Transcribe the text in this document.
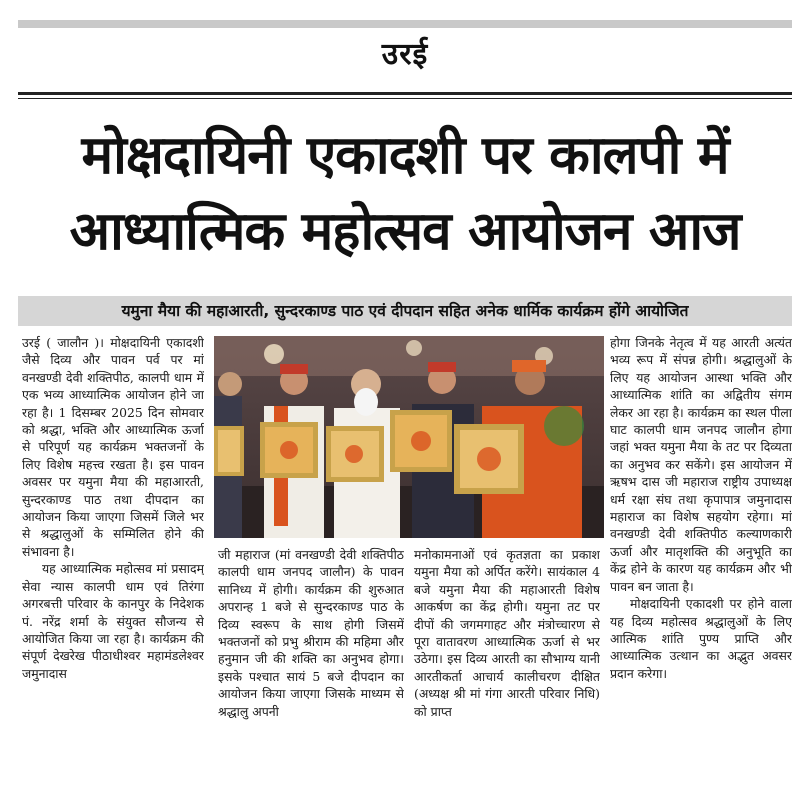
उरई
मोक्षदायिनी एकादशी पर कालपी में
आध्यात्मिक महोत्सव आयोजन आज
यमुना मैया की महाआरती, सुन्दरकाण्ड पाठ एवं दीपदान सहित अनेक धार्मिक कार्यक्रम होंगे आयोजित

उरई ( जालौन )। मोक्षदायिनी एकादशी जैसे दिव्य और पावन पर्व पर मां वनखण्डी देवी शक्तिपीठ, कालपी धाम में एक भव्य आध्यात्मिक आयोजन होने जा रहा है। 1 दिसम्बर 2025 दिन सोमवार को श्रद्धा, भक्ति और आध्यात्मिक ऊर्जा से परिपूर्ण यह कार्यक्रम भक्तजनों के लिए विशेष महत्त्व रखता है। इस पावन अवसर पर यमुना मैया की महाआरती, सुन्दरकाण्ड पाठ तथा दीपदान का आयोजन किया जाएगा जिसमें जिले भर से श्रद्धालुओं के सम्मिलित होने की संभावना है।

यह आध्यात्मिक महोत्सव मां प्रसादम् सेवा न्यास कालपी धाम एवं तिरंगा अगरबत्ती परिवार के कानपुर के निदेशक पं. नरेंद्र शर्मा के संयुक्त सौजन्य से आयोजित किया जा रहा है। कार्यक्रम की संपूर्ण देखरेख पीठाधीश्वर महामंडलेश्वर जमुनादास

जी महाराज (मां वनखण्डी देवी शक्तिपीठ कालपी धाम जनपद जालौन) के पावन सानिध्य में होगी। कार्यक्रम की शुरुआत अपरान्ह 1 बजे से सुन्दरकाण्ड पाठ के दिव्य स्वरूप के साथ होगी जिसमें भक्तजनों को प्रभु श्रीराम की महिमा और हनुमान जी की शक्ति का अनुभव होगा। इसके पश्चात सायं 5 बजे दीपदान का आयोजन किया जाएगा जिसके माध्यम से श्रद्धालु अपनी

मनोकामनाओं एवं कृतज्ञता का प्रकाश यमुना मैया को अर्पित करेंगे। सायंकाल 4 बजे यमुना मैया की महाआरती विशेष आकर्षण का केंद्र होगी। यमुना तट पर दीपों की जगमगाहट और मंत्रोच्चारण से पूरा वातावरण आध्यात्मिक ऊर्जा से भर उठेगा। इस दिव्य आरती का सौभाग्य यानी आरतीकर्ता आचार्य कालीचरण दीक्षित (अध्यक्ष श्री मां गंगा आरती परिवार निधि) को प्राप्त

होगा जिनके नेतृत्व में यह आरती अत्यंत भव्य रूप में संपन्न होगी। श्रद्धालुओं के लिए यह आयोजन आस्था भक्ति और आध्यात्मिक शांति का अद्वितीय संगम लेकर आ रहा है। कार्यक्रम का स्थल पीला घाट कालपी धाम जनपद जालौन होगा जहां भक्त यमुना मैया के तट पर दिव्यता का अनुभव कर सकेंगे। इस आयोजन में ऋषभ दास जी महाराज राष्ट्रीय उपाध्यक्ष धर्म रक्षा संघ तथा कृपापात्र जमुनादास महाराज का विशेष सहयोग रहेगा। मां वनखण्डी देवी शक्तिपीठ कल्याणकारी ऊर्जा और मातृशक्ति की अनुभूति का केंद्र होने के कारण यह कार्यक्रम और भी पावन बन जाता है।

मोक्षदायिनी एकादशी पर होने वाला यह दिव्य महोत्सव श्रद्धालुओं के लिए आत्मिक शांति पुण्य प्राप्ति और आध्यात्मिक उत्थान का अद्भुत अवसर प्रदान करेगा।
